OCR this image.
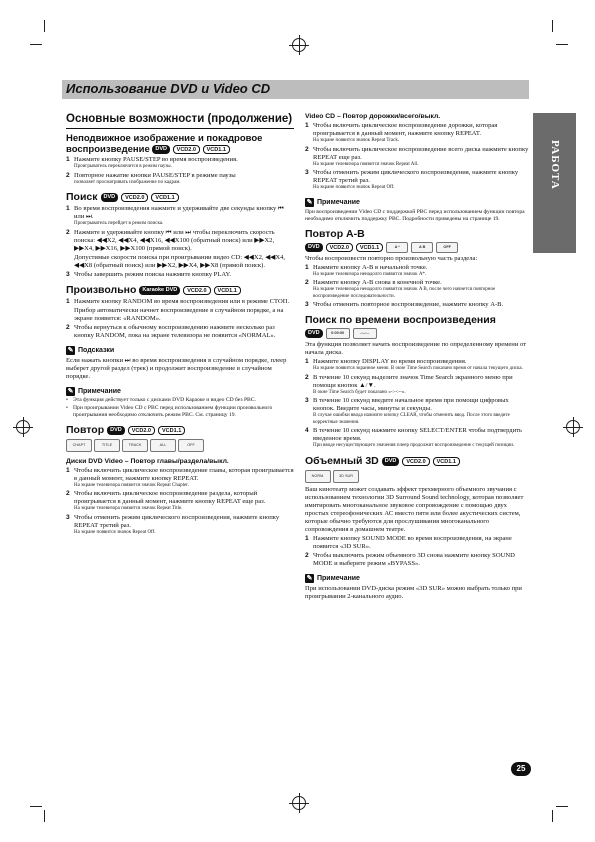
Использование DVD и Video CD
РАБОТА
Основные возможности (продолжение)
Неподвижное изображение и покадровое воспроизведение DVD VCD2.0 VCD1.1
1 Нажмите кнопку PAUSE/STEP во время воспроизведения.
Проигрыватель переключится в режим паузы.
2 Повторное нажатие кнопки PAUSE/STEP в режиме паузы
позволяет просматривать изображение по кадрам.
Поиск	DVD	VCD2.0	VCD1.1
1 Во время воспроизведения нажмите и удерживайте две секунды кнопку ⏮ или ⏭.
Проигрыватель перейдет в режим поиска.
2 Нажмите и удерживайте кнопку ⏮ или ⏭ чтобы переключить скорость поиска: ◀◀X2, ◀◀X4, ◀◀X16, ◀◀X100 (обратный поиск) или ▶▶X2, ▶▶X4, ▶▶X16, ▶▶X100 (прямой поиск).
Допустимые скорости поиска при проигрывании видео CD: ◀◀X2, ◀◀X4, ◀◀X8 (обратный поиск) или ▶▶X2, ▶▶X4, ▶▶X8 (прямой поиск).
3 Чтобы завершить режим поиска нажмите кнопку PLAY.
Произвольно	Karaoke DVD	VCD2.0	VCD1.1
1 Нажмите кнопку RANDOM во время воспроизведения или в режиме СТОП.
Прибор автоматически начнет воспроизведение в случайном порядке, а на экране появится: «RANDOM».
2 Чтобы вернуться к обычному воспроизведению нажмите несколько раз кнопку RANDOM, пока на экране телевизора не появится «NORMAL».
✎ Подсказки
Если нажать кнопки ⏭ во время воспроизведения в случайном порядке, плеер выберет другой раздел (трек) и продолжит воспроизведение в случайном порядке.
✎ Примечание
• Эта функция действует только с дисками DVD Караоке и видео CD без PBC.
• При проигрывании Video CD с PBC перед использованием функции произвольного проигрывания необходимо отключить режим PBC. См. страницу 19.
Повтор	DVD	VCD2.0	VCD1.1
CHAPT	TITLE	TRACK	ALL	OFF
Диски DVD Video – Повтор главы/раздела/выкл.
1 Чтобы включить циклическое воспроизведение главы, которая проигрывается в данный момент, нажмите кнопку REPEAT.
На экране телевизора появится значок Repeat Chapter.
2 Чтобы включить циклическое воспроизведение раздела, который проигрывается в данный момент, нажмите кнопку REPEAT еще раз.
На экране телевизора появится значок Repeat Title.
3 Чтобы отменить режим циклического воспроизведения, нажмите кнопку REPEAT третий раз.
На экране появится значок Repeat Off.
Video CD – Повтор дорожки/всего/выкл.
1 Чтобы включить циклическое воспроизведение дорожки, которая проигрывается в данный момент, нажмите кнопку REPEAT.
На экране появится значок Repeat Track.
2 Чтобы включить циклическое воспроизведение всего диска нажмите кнопку REPEAT еще раз.
На экране телевизора появится значок Repeat All.
3 Чтобы отменить режим циклического воспроизведения, нажмите кнопку REPEAT третий раз.
На экране появится значок Repeat Off.
✎ Примечание
При воспроизведении Video CD с поддержкой PBC перед использованием функции повтора необходимо отключить поддержку PBC. Подробности приведены на странице 19.
Повтор A-B
DVD	VCD2.0	VCD1.1	A *	A B	OFF
Чтобы воспроизвести повторно произвольную часть раздела:
1 Нажмите кнопку A-B в начальной точке.
На экране телевизора ненадолго появится значок A*.
2 Нажмите кнопку A-B снова в конечной точке.
На экране телевизора ненадолго появится значок A B, после чего начнется повторное воспроизведение последовательности.
3 Чтобы отменить повторное воспроизведение, нажмите кнопку A-B.
Поиск по времени воспроизведения
DVD	0:00:00	-:--:--
Эта функция позволяет начать воспроизведение по определенному времени от начала диска.
1 Нажмите кнопку DISPLAY во время воспроизведения.
На экране появится экранное меню. В окне Time Search показано время от начала текущего диска.
2 В течение 10 секунд выделите значок Time Search экранного меню при помощи кнопок ▲/▼.
В окне Time Search будет показано «-:--:--».
3 В течение 10 секунд введите начальное время при помощи цифровых кнопок. Введите часы, минуты и секунды.
В случае ошибки ввода нажмите кнопку CLEAR, чтобы отменить ввод. После этого введите корректные значения.
4 В течение 10 секунд нажмите кнопку SELECT/ENTER чтобы подтвердить введенное время.
При вводе несуществующего значения плеер продолжит воспроизведение с текущей позиции.
Объемный 3D	DVD	VCD2.0	VCD1.1
NORM.	3D SUR
Ваш кинотеатр может создавать эффект трехмерного объемного звучания с использованием технологии 3D Surround Sound technology, которая позволяет имитировать многоканальное звуковое сопровождение с помощью двух простых стереофонических АС вместо пяти или более акустических систем, которые обычно требуются для прослушивания многоканального сопровождения в домашнем театре.
1 Нажмите кнопку SOUND MODE во время воспроизведения, на экране появится «3D SUR».
2 Чтобы выключить режим объемного 3D снова нажмите кнопку SOUND MODE и выберите режим «BYPASS».
✎ Примечание
При использовании DVD-диска режим «3D SUR» можно выбрать только при проигрывании 2-канального аудио.
25
